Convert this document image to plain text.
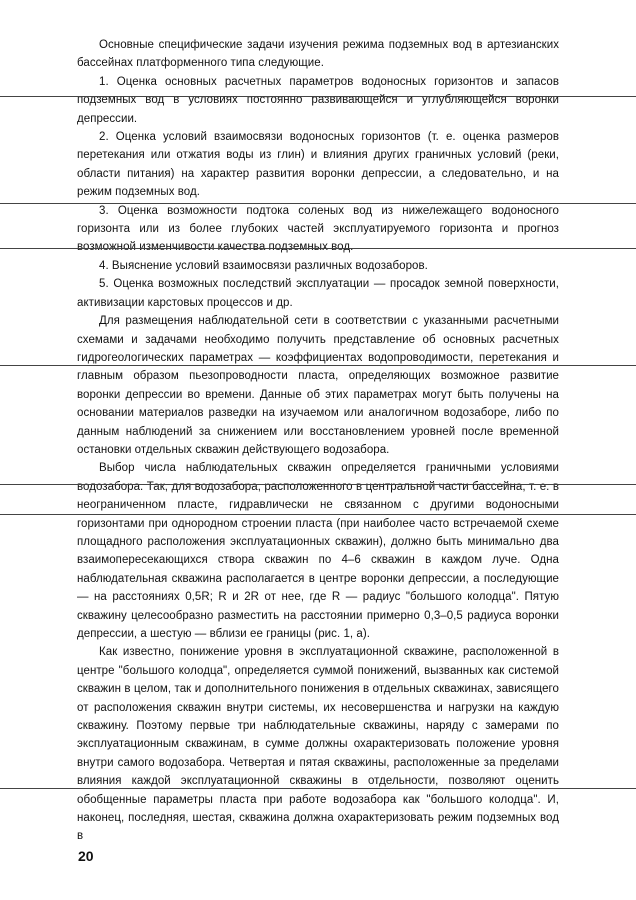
Основные специфические задачи изучения режима подземных вод в артезианских бассейнах платформенного типа следующие.

1. Оценка основных расчетных параметров водоносных горизонтов и запасов подземных вод в условиях постоянно развивающейся и углубляющейся воронки депрессии.

2. Оценка условий взаимосвязи водоносных горизонтов (т. е. оценка размеров перетекания или отжатия воды из глин) и влияния других граничных условий (реки, области питания) на характер развития воронки депрессии, а следовательно, и на режим подземных вод.

3. Оценка возможности подтока соленых вод из нижележащего водоносного горизонта или из более глубоких частей эксплуатируемого горизонта и прогноз возможной изменчивости качества подземных вод.

4. Выяснение условий взаимосвязи различных водозаборов.

5. Оценка возможных последствий эксплуатации — просадок земной поверхности, активизации карстовых процессов и др.

Для размещения наблюдательной сети в соответствии с указанными расчетными схемами и задачами необходимо получить представление об основных расчетных гидрогеологических параметрах — коэффициентах водопроводимости, перетекания и главным образом пьезопроводности пласта, определяющих возможное развитие воронки депрессии во времени. Данные об этих параметрах могут быть получены на основании материалов разведки на изучаемом или аналогичном водозаборе, либо по данным наблюдений за снижением или восстановлением уровней после временной остановки отдельных скважин действующего водозабора.

Выбор числа наблюдательных скважин определяется граничными условиями водозабора. Так, для водозабора, расположенного в центральной части бассейна, т. е. в неограниченном пласте, гидравлически не связанном с другими водоносными горизонтами при однородном строении пласта (при наиболее часто встречаемой схеме площадного расположения эксплуатационных скважин), должно быть минимально два взаимопересекающихся створа скважин по 4–6 скважин в каждом луче. Одна наблюдательная скважина располагается в центре воронки депрессии, а последующие — на расстояниях 0,5R; R и 2R от нее, где R — радиус "большого колодца". Пятую скважину целесообразно разместить на расстоянии примерно 0,3–0,5 радиуса воронки депрессии, а шестую — вблизи ее границы (рис. 1, а).

Как известно, понижение уровня в эксплуатационной скважине, расположенной в центре "большого колодца", определяется суммой понижений, вызванных как системой скважин в целом, так и дополнительного понижения в отдельных скважинах, зависящего от расположения скважин внутри системы, их несовершенства и нагрузки на каждую скважину. Поэтому первые три наблюдательные скважины, наряду с замерами по эксплуатационным скважинам, в сумме должны охарактеризовать положение уровня внутри самого водозабора. Четвертая и пятая скважины, расположенные за пределами влияния каждой эксплуатационной скважины в отдельности, позволяют оценить обобщенные параметры пласта при работе водозабора как "большого колодца". И, наконец, последняя, шестая, скважина должна охарактеризовать режим подземных вод в

20
